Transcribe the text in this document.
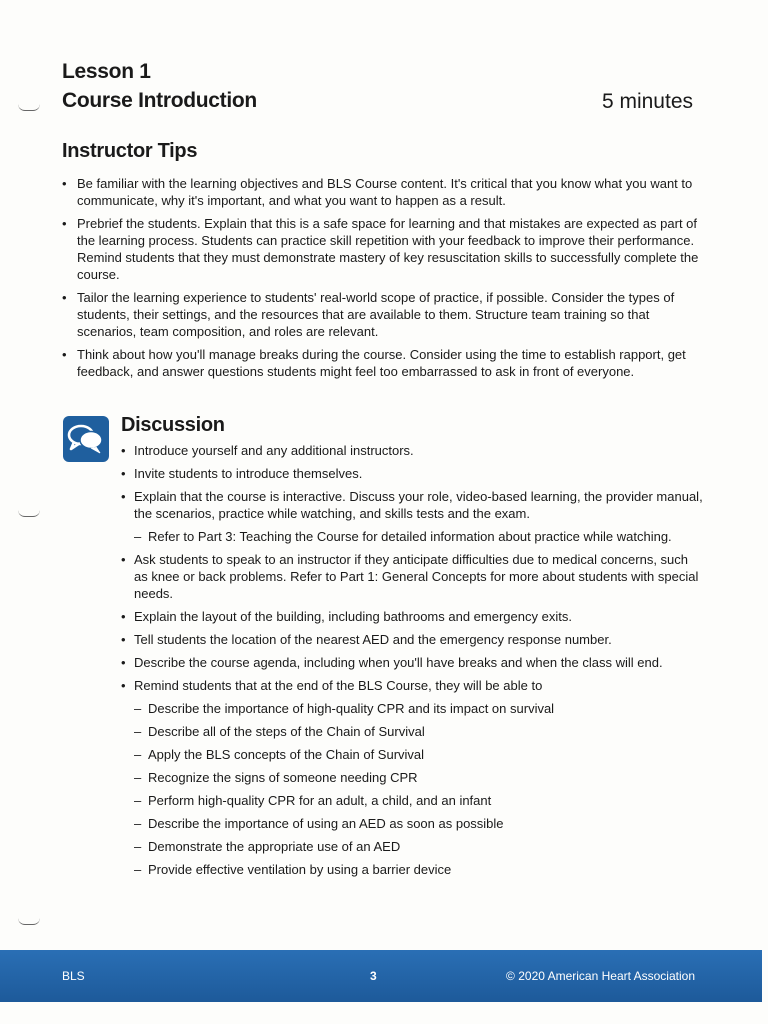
Lesson 1
Course Introduction	5 minutes
Instructor Tips
• Be familiar with the learning objectives and BLS Course content. It's critical that you know what you want to communicate, why it's important, and what you want to happen as a result.
• Prebrief the students. Explain that this is a safe space for learning and that mistakes are expected as part of the learning process. Students can practice skill repetition with your feedback to improve their performance. Remind students that they must demonstrate mastery of key resuscitation skills to successfully complete the course.
• Tailor the learning experience to students' real-world scope of practice, if possible. Consider the types of students, their settings, and the resources that are available to them. Structure team training so that scenarios, team composition, and roles are relevant.
• Think about how you'll manage breaks during the course. Consider using the time to establish rapport, get feedback, and answer questions students might feel too embarrassed to ask in front of everyone.
Discussion
• Introduce yourself and any additional instructors.
• Invite students to introduce themselves.
• Explain that the course is interactive. Discuss your role, video-based learning, the provider manual, the scenarios, practice while watching, and skills tests and the exam.
– Refer to Part 3: Teaching the Course for detailed information about practice while watching.
• Ask students to speak to an instructor if they anticipate difficulties due to medical concerns, such as knee or back problems. Refer to Part 1: General Concepts for more about students with special needs.
• Explain the layout of the building, including bathrooms and emergency exits.
• Tell students the location of the nearest AED and the emergency response number.
• Describe the course agenda, including when you'll have breaks and when the class will end.
• Remind students that at the end of the BLS Course, they will be able to
– Describe the importance of high-quality CPR and its impact on survival
– Describe all of the steps of the Chain of Survival
– Apply the BLS concepts of the Chain of Survival
– Recognize the signs of someone needing CPR
– Perform high-quality CPR for an adult, a child, and an infant
– Describe the importance of using an AED as soon as possible
– Demonstrate the appropriate use of an AED
– Provide effective ventilation by using a barrier device
BLS	3	© 2020 American Heart Association
